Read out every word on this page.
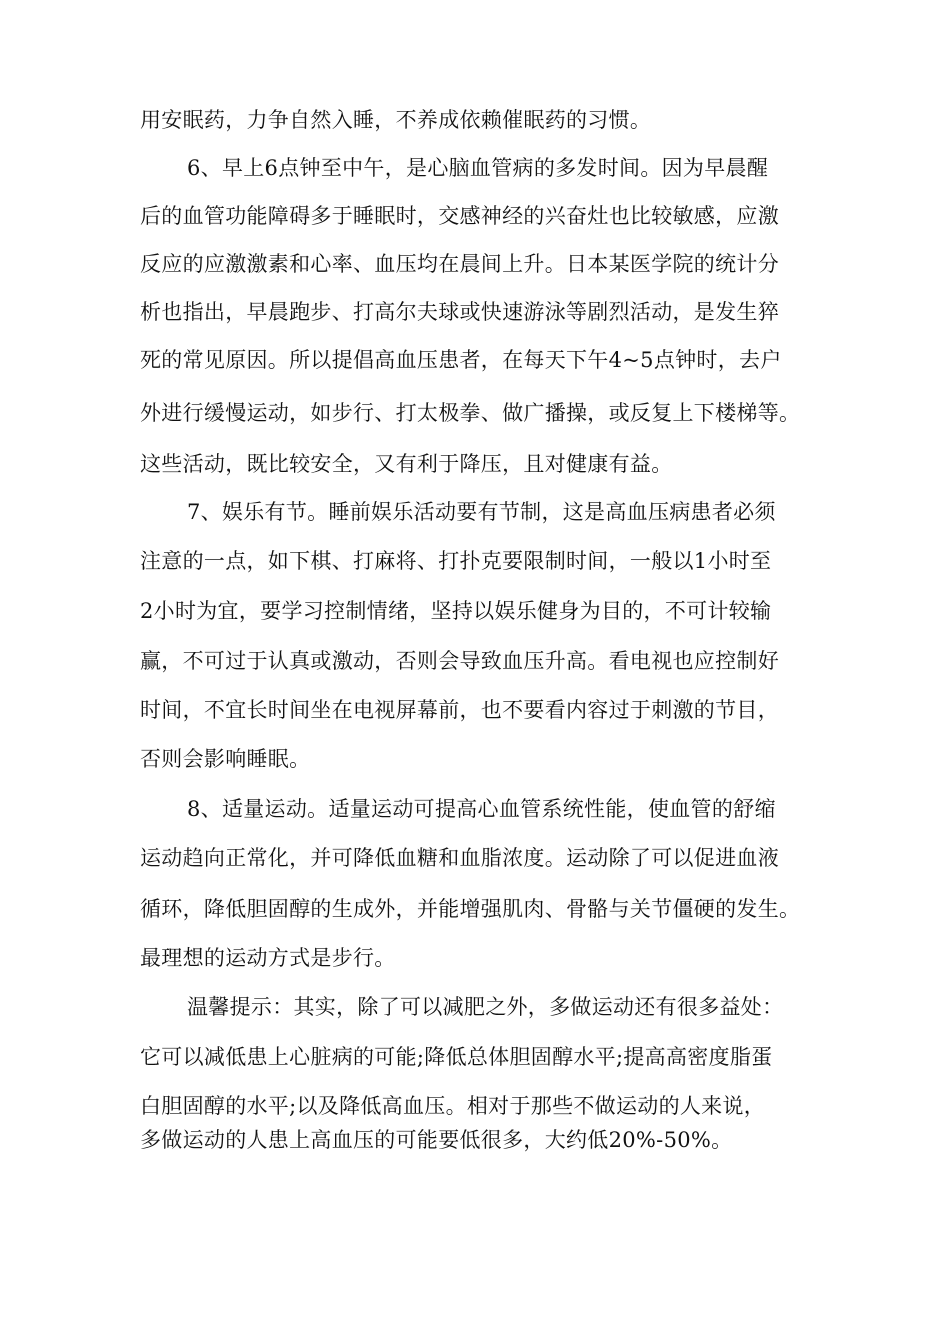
用安眠药，力争自然入睡，不养成依赖催眠药的习惯。
6、早上6点钟至中午，是心脑血管病的多发时间。因为早晨醒
后的血管功能障碍多于睡眠时，交感神经的兴奋灶也比较敏感，应激
反应的应激激素和心率、血压均在晨间上升。日本某医学院的统计分
析也指出，早晨跑步、打高尔夫球或快速游泳等剧烈活动，是发生猝
死的常见原因。所以提倡高血压患者，在每天下午4~5点钟时，去户
外进行缓慢运动，如步行、打太极拳、做广播操，或反复上下楼梯等。
这些活动，既比较安全，又有利于降压，且对健康有益。
7、娱乐有节。睡前娱乐活动要有节制，这是高血压病患者必须
注意的一点，如下棋、打麻将、打扑克要限制时间，一般以1小时至
2小时为宜，要学习控制情绪，坚持以娱乐健身为目的，不可计较输
赢，不可过于认真或激动，否则会导致血压升高。看电视也应控制好
时间，不宜长时间坐在电视屏幕前，也不要看内容过于刺激的节目，
否则会影响睡眠。
8、适量运动。适量运动可提高心血管系统性能，使血管的舒缩
运动趋向正常化，并可降低血糖和血脂浓度。运动除了可以促进血液
循环，降低胆固醇的生成外，并能增强肌肉、骨骼与关节僵硬的发生。
最理想的运动方式是步行。
温馨提示：其实，除了可以减肥之外，多做运动还有很多益处：
它可以减低患上心脏病的可能;降低总体胆固醇水平;提高高密度脂蛋
白胆固醇的水平;以及降低高血压。相对于那些不做运动的人来说，
多做运动的人患上高血压的可能要低很多，大约低20%-50%。
